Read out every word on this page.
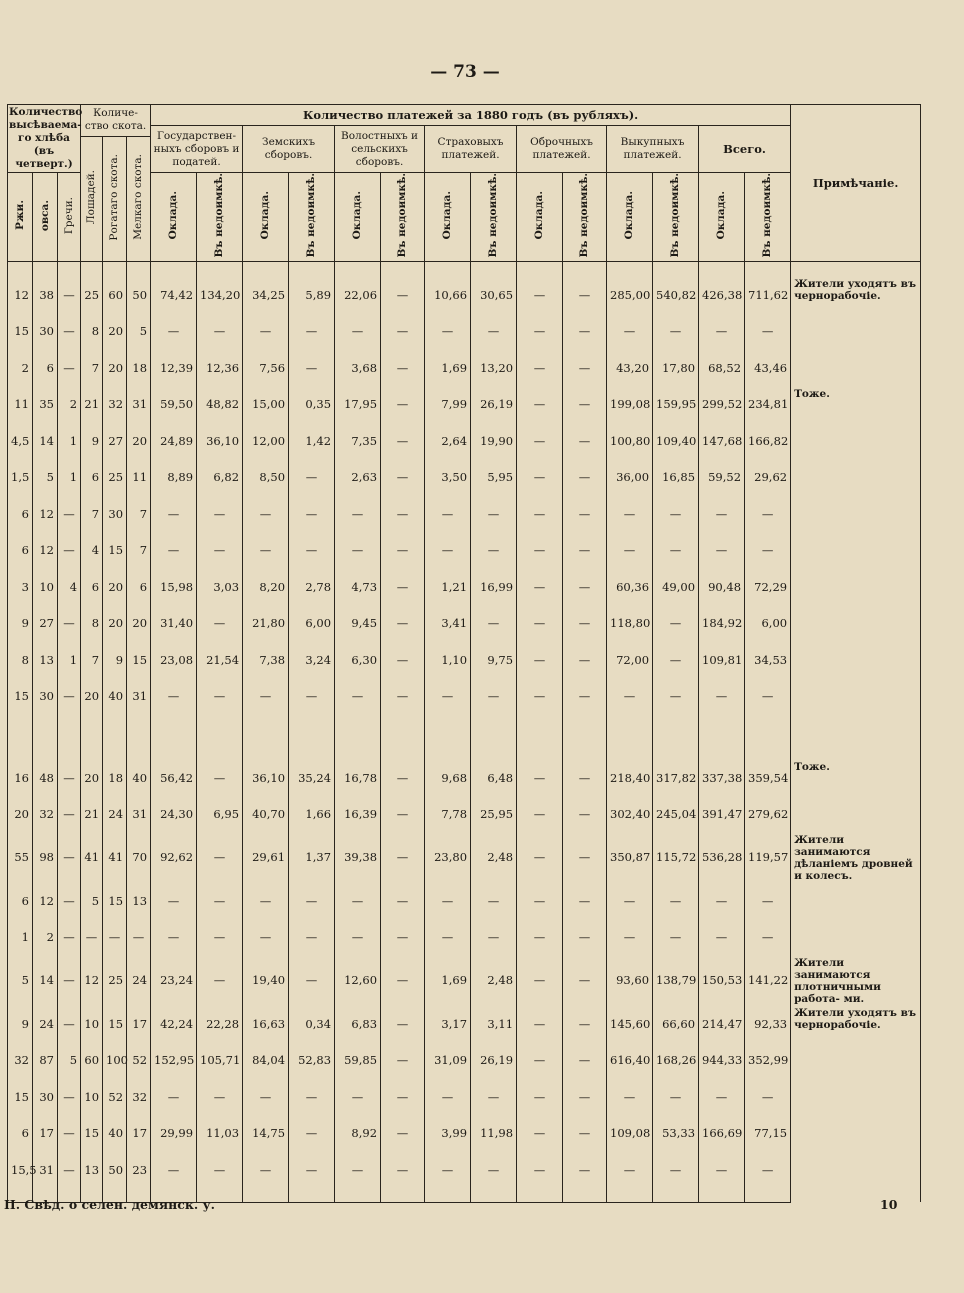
— 73 —
Количество высѣваема- го хлѣба (въ четверт.)			Количе- ство скота.			Количество платежей за 1880 годъ (въ рубляхъ).														Примѣчаніе.
						Государствен- ныхъ сборовъ и податей.		Земскихъ сборовъ.		Волостныхъ и сельскихъ сборовъ.		Страховыхъ платежей.		Оброчныхъ платежей.		Выкупныхъ платежей.		Всего.		
			Лошадей.	Рогатаго скота.	Мелкаго скота.															
Ржи.	овса.	Гречи.				Оклада.	Въ недоимкѣ.	Оклада.	Въ недоимкѣ.	Оклада.	Въ недоимкѣ.	Оклада.	Въ недоимкѣ.	Оклада.	Въ недоимкѣ.	Оклада.	Въ недоимкѣ.	Оклада.	Въ недоимкѣ.	

12	38	—	25	60	50	74,42	134,20	34,25	5,89	22,06	—	10,66	30,65	—	—	285,00	540,82	426,38	711,62	Жители уходятъ въ чернорабочіе.
15	30	—	8	20	5	—	—	—	—	—	—	—	—	—	—	—	—	—	—	
2	6	—	7	20	18	12,39	12,36	7,56	—	3,68	—	1,69	13,20	—	—	43,20	17,80	68,52	43,46	
11	35	2	21	32	31	59,50	48,82	15,00	0,35	17,95	—	7,99	26,19	—	—	199,08	159,95	299,52	234,81	Тоже.
4,5	14	1	9	27	20	24,89	36,10	12,00	1,42	7,35	—	2,64	19,90	—	—	100,80	109,40	147,68	166,82	
1,5	5	1	6	25	11	8,89	6,82	8,50	—	2,63	—	3,50	5,95	—	—	36,00	16,85	59,52	29,62	
6	12	—	7	30	7	—	—	—	—	—	—	—	—	—	—	—	—	—	—	
6	12	—	4	15	7	—	—	—	—	—	—	—	—	—	—	—	—	—	—	
3	10	4	6	20	6	15,98	3,03	8,20	2,78	4,73	—	1,21	16,99	—	—	60,36	49,00	90,48	72,29	
9	27	—	8	20	20	31,40	—	21,80	6,00	9,45	—	3,41	—	—	—	118,80	—	184,92	6,00	
8	13	1	7	9	15	23,08	21,54	7,38	3,24	6,30	—	1,10	9,75	—	—	72,00	—	109,81	34,53	
15	30	—	20	40	31	—	—	—	—	—	—	—	—	—	—	—	—	—	—	

16	48	—	20	18	40	56,42	—	36,10	35,24	16,78	—	9,68	6,48	—	—	218,40	317,82	337,38	359,54	Тоже.
20	32	—	21	24	31	24,30	6,95	40,70	1,66	16,39	—	7,78	25,95	—	—	302,40	245,04	391,47	279,62	
55	98	—	41	41	70	92,62	—	29,61	1,37	39,38	—	23,80	2,48	—	—	350,87	115,72	536,28	119,57	Жители занимаются дѣланіемъ дровней и колесъ.
6	12	—	5	15	13	—	—	—	—	—	—	—	—	—	—	—	—	—	—	
1	2	—	—	—	—	—	—	—	—	—	—	—	—	—	—	—	—	—	—	
5	14	—	12	25	24	23,24	—	19,40	—	12,60	—	1,69	2,48	—	—	93,60	138,79	150,53	141,22	Жители занимаются плотничными работа- ми.
9	24	—	10	15	17	42,24	22,28	16,63	0,34	6,83	—	3,17	3,11	—	—	145,60	66,60	214,47	92,33	Жители уходятъ въ чернорабочіе.
32	87	5	60	100	52	152,95	105,71	84,04	52,83	59,85	—	31,09	26,19	—	—	616,40	168,26	944,33	352,99	
15	30	—	10	52	32	—	—	—	—	—	—	—	—	—	—	—	—	—	—	
6	17	—	15	40	17	29,99	11,03	14,75	—	8,92	—	3,99	11,98	—	—	109,08	53,33	166,69	77,15	
15,5	31	—	13	50	23	—	—	—	—	—	—	—	—	—	—	—	—	—	—	

II. Свѣд. о селен. демянск. у.	10
